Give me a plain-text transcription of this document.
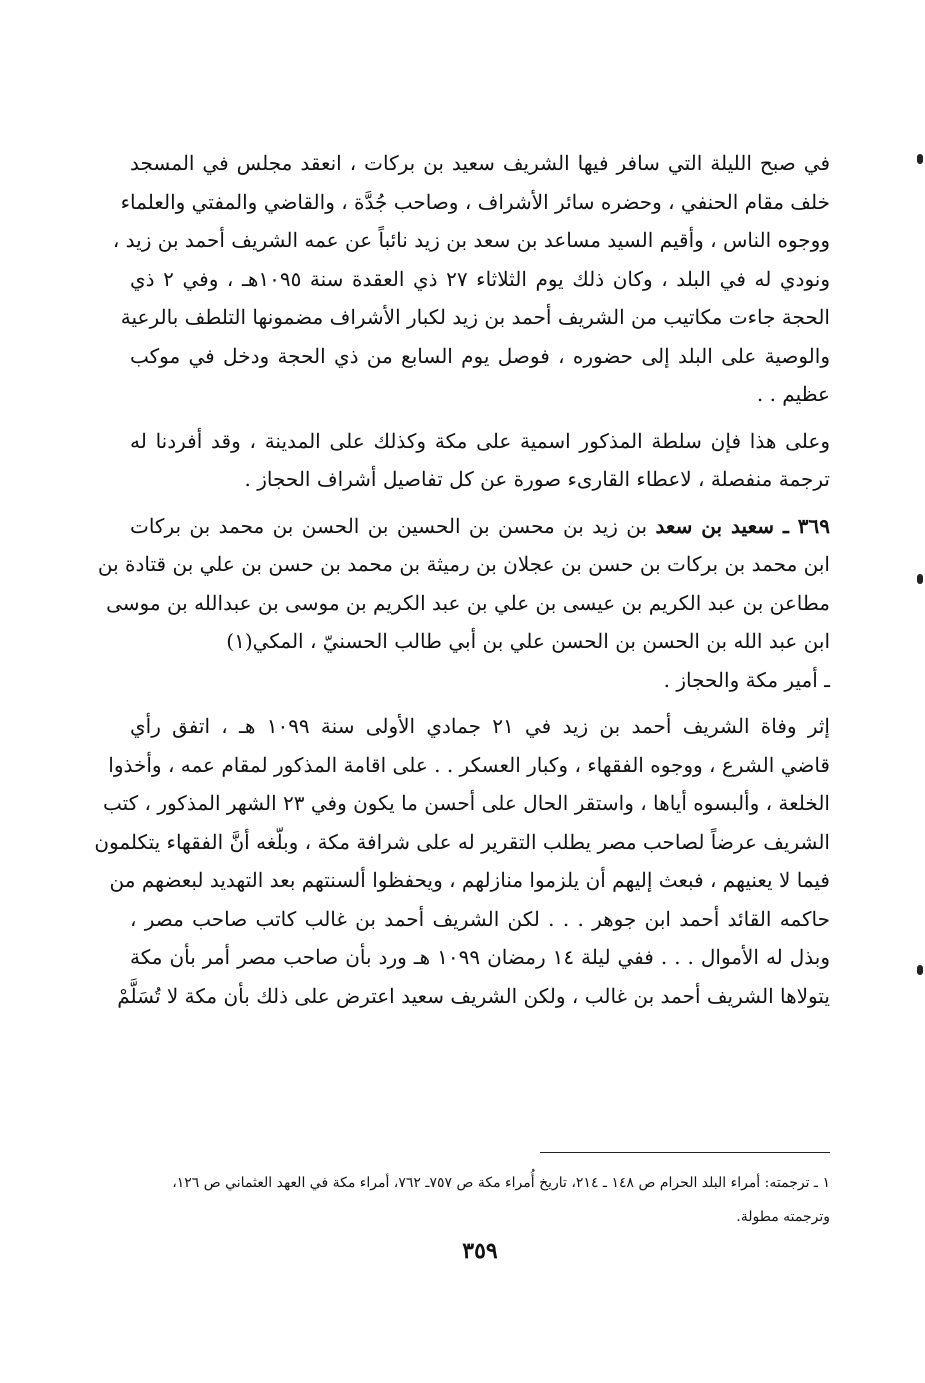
في صبح الليلة التي سافر فيها الشريف سعيد بن بركات ، انعقد مجلس في المسجد
خلف مقام الحنفي ، وحضره سائر الأشراف ، وصاحب جُدَّة ، والقاضي والمفتي والعلماء
ووجوه الناس ، وأقيم السيد مساعد بن سعد بن زيد نائباً عن عمه الشريف أحمد بن زيد ،
ونودي له في البلد ، وكان ذلك يوم الثلاثاء ٢٧ ذي العقدة سنة ١٠٩٥هـ ، وفي ٢ ذي
الحجة جاءت مكاتيب من الشريف أحمد بن زيد لكبار الأشراف مضمونها التلطف بالرعية
والوصية على البلد إلى حضوره ، فوصل يوم السابع من ذي الحجة ودخل في موكب
عظيم . .
وعلى هذا فإن سلطة المذكور اسمية على مكة وكذلك على المدينة ، وقد أفردنا له
ترجمة منفصلة ، لاعطاء القارىء صورة عن كل تفاصيل أشراف الحجاز .
٣٦٩ ـ سعيد بن سعد بن زيد بن محسن بن الحسين بن الحسن بن محمد بن بركات
ابن محمد بن بركات بن حسن بن عجلان بن رميثة بن محمد بن حسن بن علي بن قتادة بن
مطاعن بن عبد الكريم بن عيسى بن علي بن عبد الكريم بن موسى بن عبدالله بن موسى
ابن عبد الله بن الحسن بن الحسن علي بن أبي طالب الحسنيّ ، المكي(١)
ـ أمير مكة والحجاز .
إثر وفاة الشريف أحمد بن زيد في ٢١ جمادي الأولى سنة ١٠٩٩ هـ ، اتفق رأي
قاضي الشرع ، ووجوه الفقهاء ، وكبار العسكر . . على اقامة المذكور لمقام عمه ، وأخذوا
الخلعة ، وألبسوه أياها ، واستقر الحال على أحسن ما يكون وفي ٢٣ الشهر المذكور ، كتب
الشريف عرضاً لصاحب مصر يطلب التقرير له على شرافة مكة ، وبلّغه أنَّ الفقهاء يتكلمون
فيما لا يعنيهم ، فبعث إليهم أن يلزموا منازلهم ، ويحفظوا ألسنتهم بعد التهديد لبعضهم من
حاكمه القائد أحمد ابن جوهر . . . لكن الشريف أحمد بن غالب كاتب صاحب مصر ،
وبذل له الأموال . . . ففي ليلة ١٤ رمضان ١٠٩٩ هـ ورد بأن صاحب مصر أمر بأن مكة
يتولاها الشريف أحمد بن غالب ، ولكن الشريف سعيد اعترض على ذلك بأن مكة لا تُسَلَّمْ
١ ـ ترجمته: أمراء البلد الحرام ص ١٤٨ ـ ٢١٤، تاريخ أُمراء مكة ص ٧٥٧ـ ٧٦٢، أمراء مكة في العهد العثماني ص ١٢٦،
وترجمته مطولة.
٣٥٩
